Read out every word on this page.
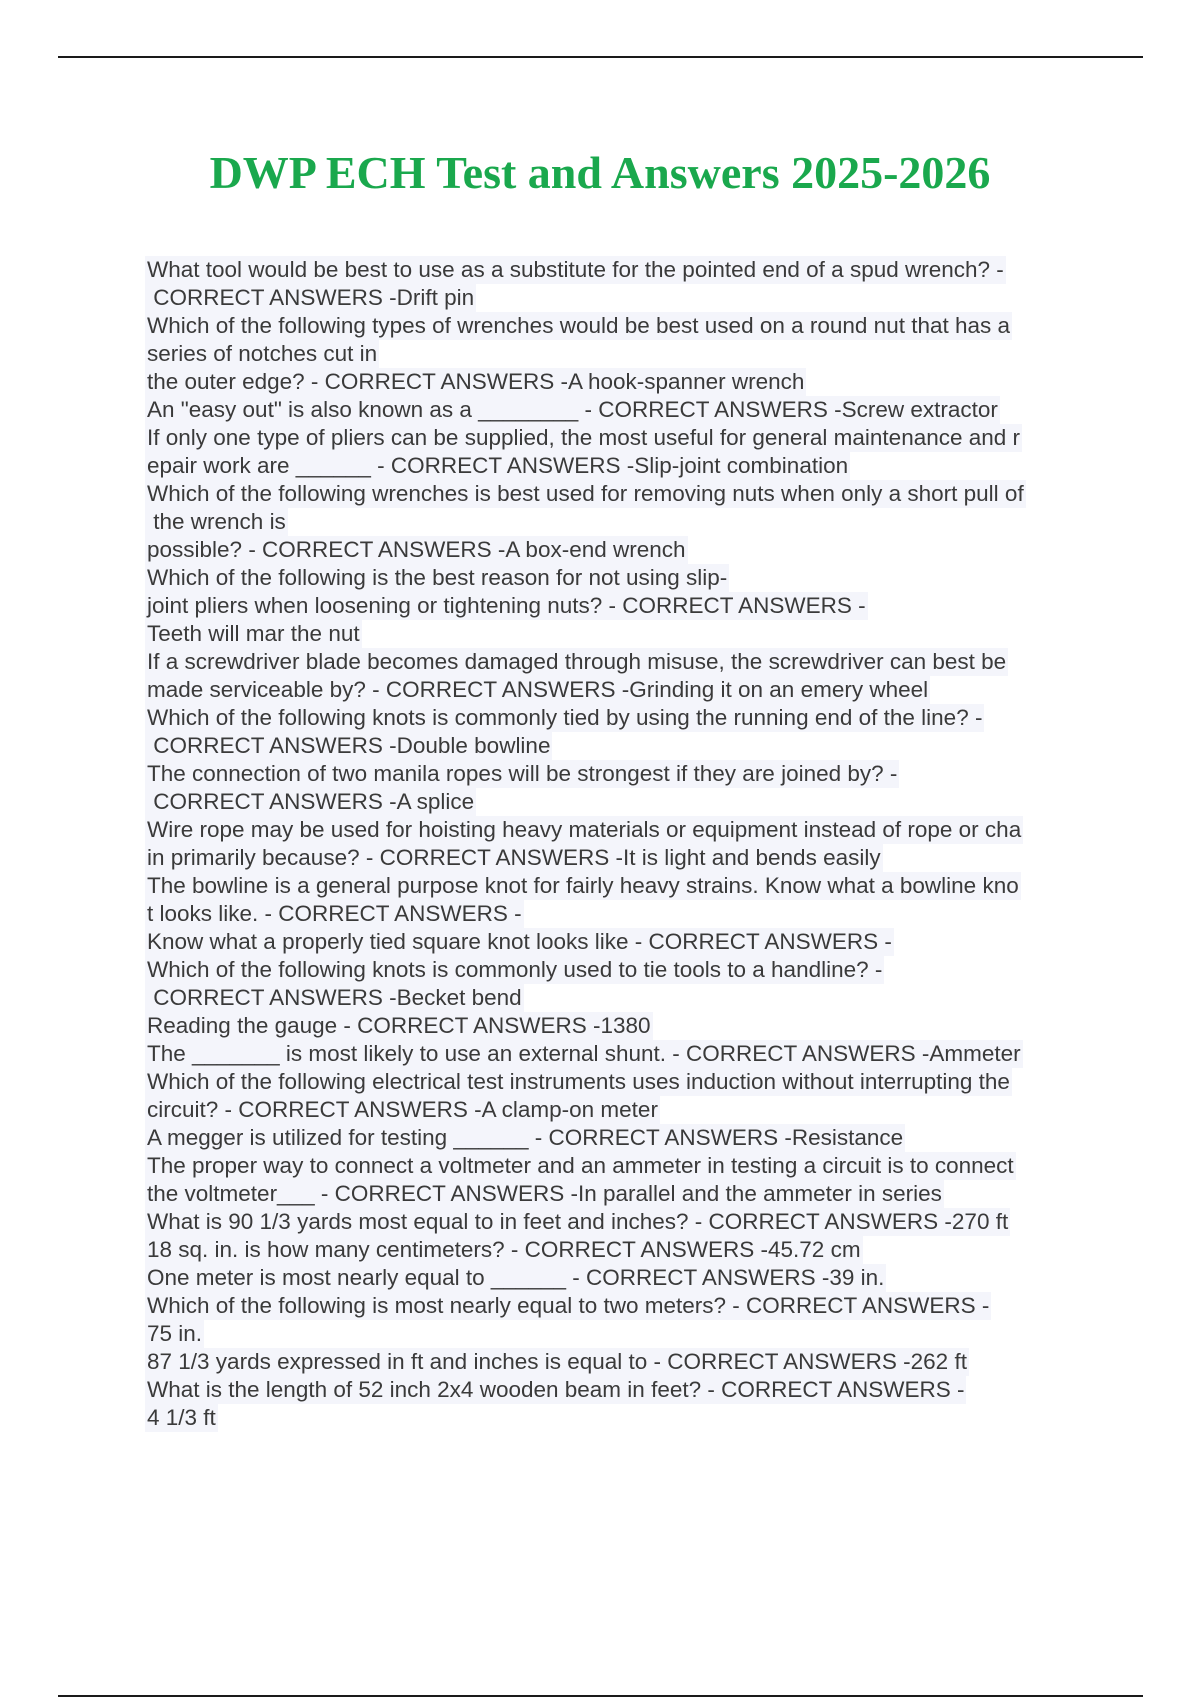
DWP ECH Test and Answers 2025-2026
What tool would be best to use as a substitute for the pointed end of a spud wrench? -
CORRECT ANSWERS -Drift pin
Which of the following types of wrenches would be best used on a round nut that has a
series of notches cut in
the outer edge? - CORRECT ANSWERS -A hook-spanner wrench
An "easy out" is also known as a ________ - CORRECT ANSWERS -Screw extractor
If only one type of pliers can be supplied, the most useful for general maintenance and r
epair work are ______ - CORRECT ANSWERS -Slip-joint combination
Which of the following wrenches is best used for removing nuts when only a short pull of
the wrench is
possible? - CORRECT ANSWERS -A box-end wrench
Which of the following is the best reason for not using slip-
joint pliers when loosening or tightening nuts? - CORRECT ANSWERS -
Teeth will mar the nut
If a screwdriver blade becomes damaged through misuse, the screwdriver can best be
made serviceable by? - CORRECT ANSWERS -Grinding it on an emery wheel
Which of the following knots is commonly tied by using the running end of the line? -
CORRECT ANSWERS -Double bowline
The connection of two manila ropes will be strongest if they are joined by? -
CORRECT ANSWERS -A splice
Wire rope may be used for hoisting heavy materials or equipment instead of rope or cha
in primarily because? - CORRECT ANSWERS -It is light and bends easily
The bowline is a general purpose knot for fairly heavy strains. Know what a bowline kno
t looks like. - CORRECT ANSWERS -
Know what a properly tied square knot looks like - CORRECT ANSWERS -
Which of the following knots is commonly used to tie tools to a handline? -
CORRECT ANSWERS -Becket bend
Reading the gauge - CORRECT ANSWERS -1380
The _______ is most likely to use an external shunt. - CORRECT ANSWERS -Ammeter
Which of the following electrical test instruments uses induction without interrupting the
circuit? - CORRECT ANSWERS -A clamp-on meter
A megger is utilized for testing ______ - CORRECT ANSWERS -Resistance
The proper way to connect a voltmeter and an ammeter in testing a circuit is to connect
the voltmeter___ - CORRECT ANSWERS -In parallel and the ammeter in series
What is 90 1/3 yards most equal to in feet and inches? - CORRECT ANSWERS -270 ft
18 sq. in. is how many centimeters? - CORRECT ANSWERS -45.72 cm
One meter is most nearly equal to ______ - CORRECT ANSWERS -39 in.
Which of the following is most nearly equal to two meters? - CORRECT ANSWERS -
75 in.
87 1/3 yards expressed in ft and inches is equal to - CORRECT ANSWERS -262 ft
What is the length of 52 inch 2x4 wooden beam in feet? - CORRECT ANSWERS -
4 1/3 ft
